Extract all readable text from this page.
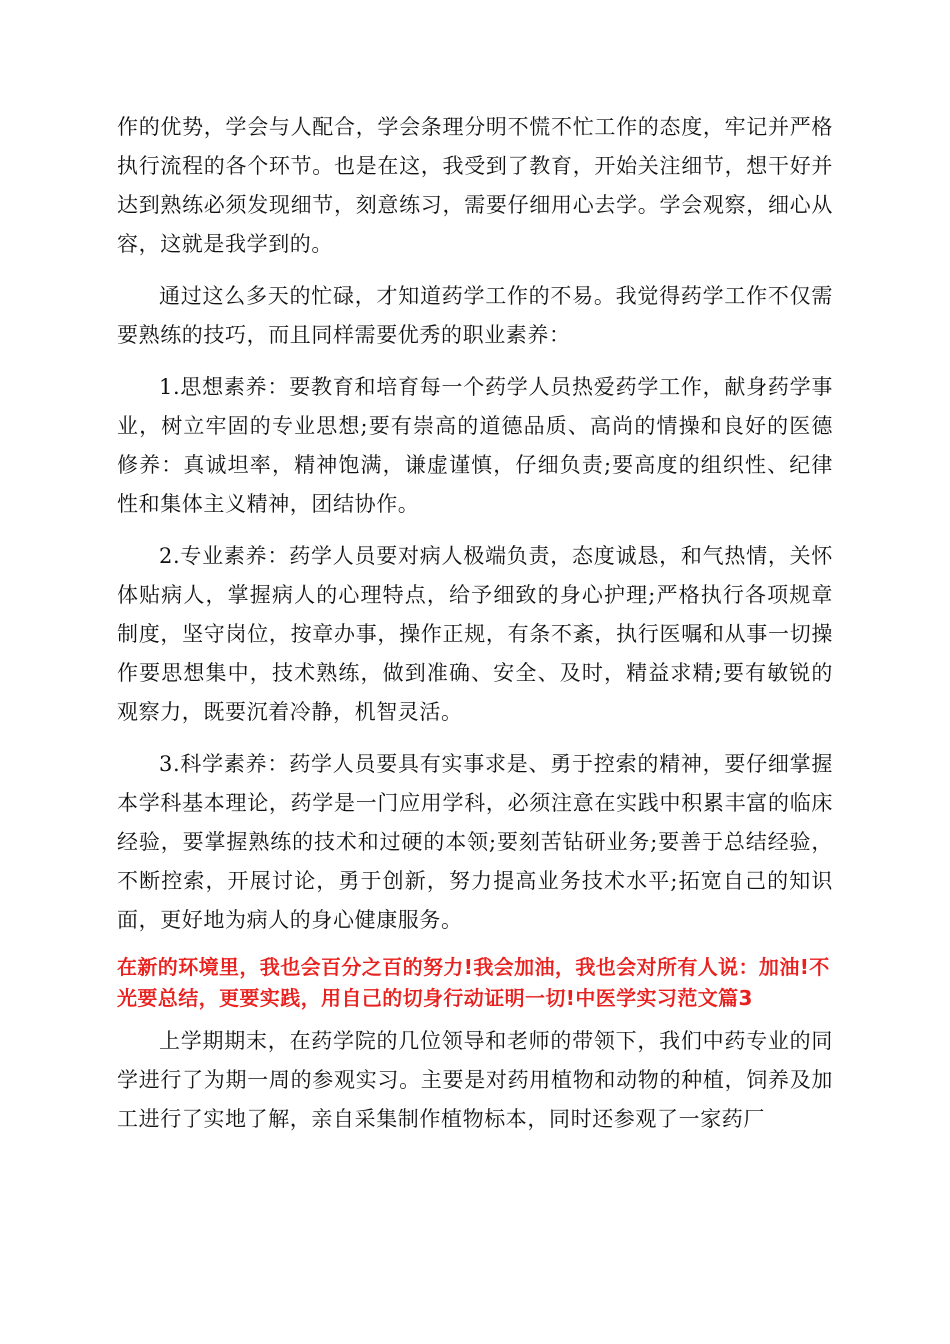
作的优势，学会与人配合，学会条理分明不慌不忙工作的态度，牢记并严格执行流程的各个环节。也是在这，我受到了教育，开始关注细节，想干好并达到熟练必须发现细节，刻意练习，需要仔细用心去学。学会观察，细心从容，这就是我学到的。

通过这么多天的忙碌，才知道药学工作的不易。我觉得药学工作不仅需要熟练的技巧，而且同样需要优秀的职业素养：

1.思想素养：要教育和培育每一个药学人员热爱药学工作，献身药学事业，树立牢固的专业思想;要有崇高的道德品质、高尚的情操和良好的医德修养：真诚坦率，精神饱满，谦虚谨慎，仔细负责;要高度的组织性、纪律性和集体主义精神，团结协作。

2.专业素养：药学人员要对病人极端负责，态度诚恳，和气热情，关怀体贴病人，掌握病人的心理特点，给予细致的身心护理;严格执行各项规章制度，坚守岗位，按章办事，操作正规，有条不紊，执行医嘱和从事一切操作要思想集中，技术熟练，做到准确、安全、及时，精益求精;要有敏锐的观察力，既要沉着冷静，机智灵活。

3.科学素养：药学人员要具有实事求是、勇于控索的精神，要仔细掌握本学科基本理论，药学是一门应用学科，必须注意在实践中积累丰富的临床经验，要掌握熟练的技术和过硬的本领;要刻苦钻研业务;要善于总结经验，不断控索，开展讨论，勇于创新，努力提高业务技术水平;拓宽自己的知识面，更好地为病人的身心健康服务。

在新的环境里，我也会百分之百的努力!我会加油，我也会对所有人说：加油!不光要总结，更要实践，用自己的切身行动证明一切!中医学实习范文篇3

上学期期末，在药学院的几位领导和老师的带领下，我们中药专业的同学进行了为期一周的参观实习。主要是对药用植物和动物的种植，饲养及加工进行了实地了解，亲自采集制作植物标本，同时还参观了一家药厂
